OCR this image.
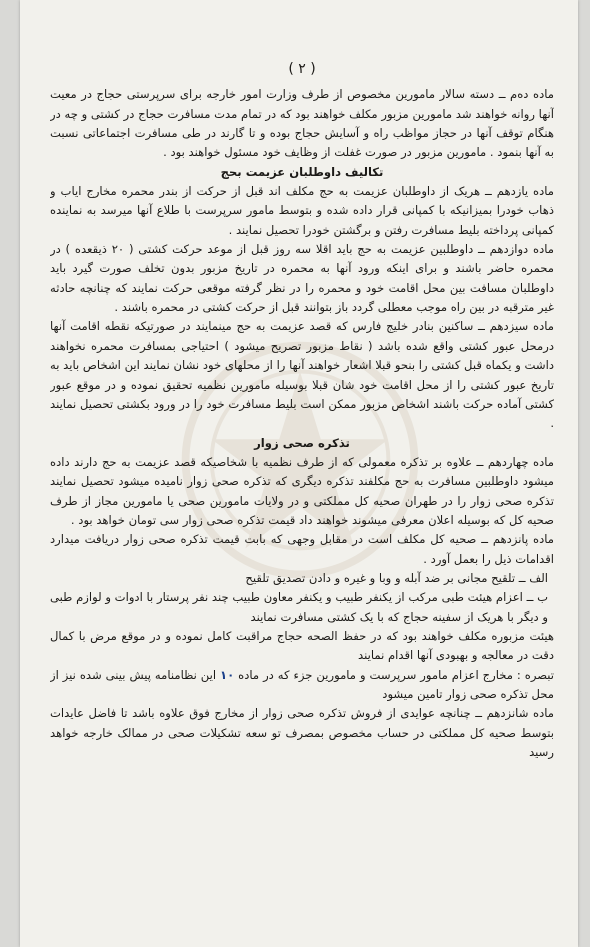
( ۲ )

ماده ده‌م ــ دسته سالار مامورین مخصوص از طرف وزارت امور خارجه برای سرپرستی حجاج در معیت آنها روانه خواهند شد مامورین مزبور مکلف خواهند بود که در تمام مدت مسافرت حجاج در کشتی و چه در هنگام توقف آنها در حجاز مواظب راه و آسایش حجاج بوده و تا گارند در طی مسافرت اجتماعاتی نسبت به آنها بنمود . مامورین مزبور در صورت غفلت از وظایف خود مسئول خواهند بود .

تکالیف داوطلبان عزیمت بحج

ماده یازدهم ــ هریک از داوطلبان عزیمت به حج مکلف اند قبل از حرکت از بندر محمره مخارج ایاب و ذهاب خودرا بمیزانیکه با کمپانی قرار داده شده و بتوسط مامور سرپرست با طلاع آنها میرسد به نماینده کمپانی پرداخته بلیط مسافرت رفتن و برگشتن خودرا تحصیل نمایند .

ماده دوازدهم ــ داوطلبین عزیمت به حج باید اقلا سه روز قبل از موعد حرکت کشتی ( ۲۰ ذیقعده ) در محمره حاضر باشند و برای اینکه ورود آنها به محمره در تاریخ مزبور بدون تخلف صورت گیرد باید داوطلبان مسافت بین محل اقامت خود و محمره را در نظر گرفته موقعی حرکت نمایند که چنانچه حادثه غیر مترقبه در بین راه موجب معطلی گردد باز بتوانند قبل از حرکت کشتی در محمره باشند .

ماده سیزدهم ــ ساکنین بنادر خلیج فارس که قصد عزیمت به حج مینمایند در صورتیکه نقطه اقامت آنها درمحل عبور کشتی واقع شده باشد ( نقاط مزبور تصریح میشود ) احتیاجی بمسافرت محمره نخواهند داشت و یکماه قبل کشتی را بنحو قبلا اشعار خواهند آنها را از محلهای خود نشان نمایند این اشخاص باید به تاریخ عبور کشتی را از محل اقامت خود شان قبلا بوسیله مامورین نظمیه تحقیق نموده و در موقع عبور کشتی آماده حرکت باشند اشخاص مزبور ممکن است بلیط مسافرت خود را در ورود بکشتی تحصیل نمایند .

تذکره صحی زوار

ماده چهاردهم ــ علاوه بر تذکره معمولی که از طرف نظمیه با شخاصیکه قصد عزیمت به حج دارند داده میشود داوطلبین مسافرت به حج مکلفند تذکره دیگری که تذکره صحی زوار نامیده میشود تحصیل نمایند تذکره صحی زوار را در طهران صحیه کل مملکتی و در ولایات مامورین صحی یا مامورین مجاز از طرف صحیه کل که بوسیله اعلان معرفی میشوند خواهند داد قیمت تذکره صحی زوار سی تومان خواهد بود .

ماده پانزدهم ــ صحیه کل مکلف است در مقابل وجهی که بابت قیمت تذکره صحی زوار دریافت میدارد اقدامات ذیل را بعمل آورد .

الف ــ تلقیح مجانی بر ضد آبله و وبا و غیره و دادن تصدیق تلقیح

ب ــ اعزام هیئت طبی مرکب از یکنفر طبیب و یکنفر معاون طبیب چند نفر پرستار با ادوات و لوازم طبی و دیگر با هریک از سفینه حجاج که با یک کشتی مسافرت نمایند

هیئت مزبوره مکلف خواهند بود که در حفظ الصحه حجاج مراقبت کامل نموده و در موقع مرض با کمال دقت در معالجه و بهبودی آنها اقدام نمایند

تبصره : مخارج اعزام مامور سرپرست و مامورین جزء که در ماده ۱۰ این نظامنامه پیش بینی شده نیز از محل تذکره صحی زوار تامین میشود

ماده شانزدهم ــ چنانچه عوایدی از فروش تذکره صحی زوار از مخارج فوق علاوه باشد تا فاضل عایدات بتوسط صحیه کل مملکتی در حساب مخصوص بمصرف تو سعه تشکیلات صحی در ممالک خارجه خواهد رسید
